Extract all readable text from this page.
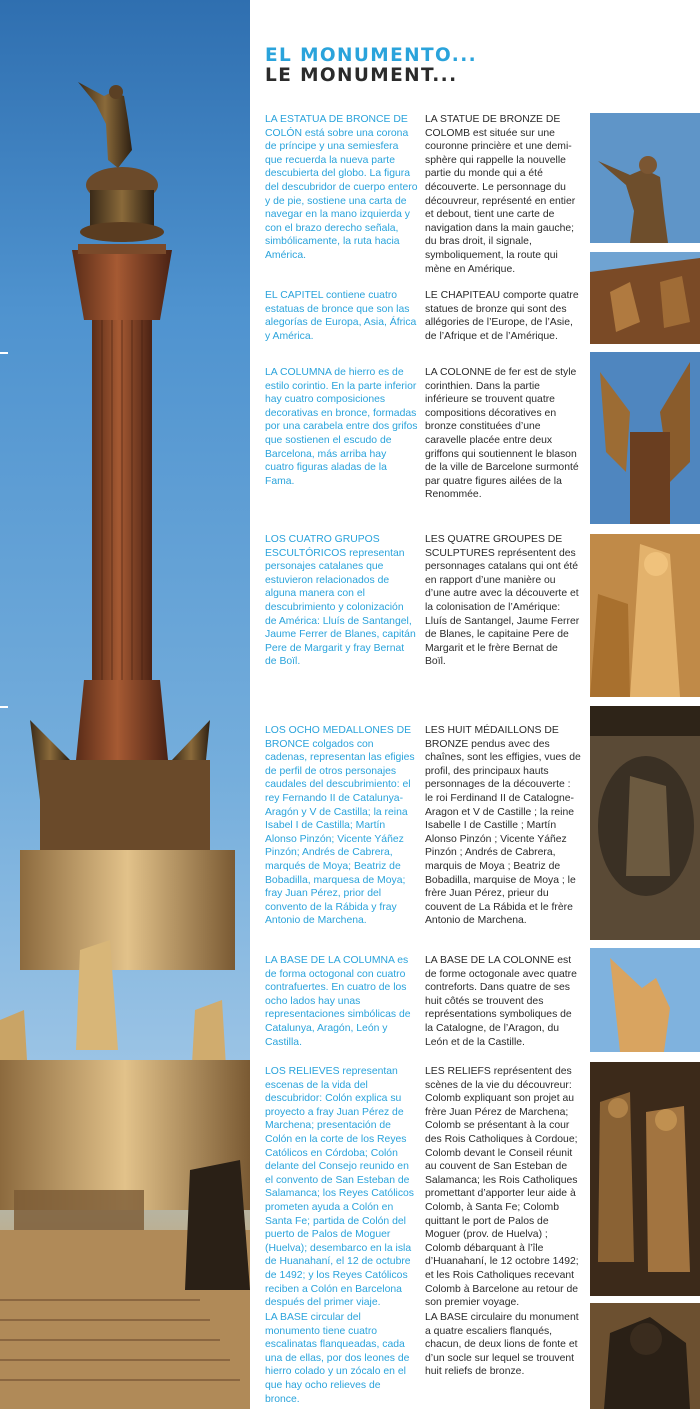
EL MONUMENTO...
LE MONUMENT...
LA ESTATUA DE BRONCE DE COLÓN está sobre una corona de príncipe y una semiesfera que recuerda la nueva parte descubierta del globo. La figura del descubridor de cuerpo entero y de pie, sostiene una carta de navegar en la mano izquierda y con el brazo derecho señala, simbólicamente, la ruta hacia América.
LA STATUE DE BRONZE DE COLOMB est située sur une couronne princière et une demi-sphère qui rappelle la nouvelle partie du monde qui a été découverte. Le personnage du découvreur, représenté en entier et debout, tient une carte de navigation dans la main gauche; du bras droit, il signale, symboliquement, la route qui mène en Amérique.
EL CAPITEL contiene cuatro estatuas de bronce que son las alegorías de Europa, Asia, África y América.
LE CHAPITEAU comporte quatre statues de bronze qui sont des allégories de l’Europe, de l’Asie, de l’Afrique et de l’Amérique.
LA COLUMNA de hierro es de estilo corintio. En la parte inferior hay cuatro composiciones decorativas en bronce, formadas por una carabela entre dos grifos que sostienen el escudo de Barcelona, más arriba hay cuatro figuras aladas de la Fama.
LA COLONNE de fer est de style corinthien. Dans la partie inférieure se trouvent quatre compositions décoratives en bronze constituées d’une caravelle placée entre deux griffons qui soutiennent le blason de la ville de Barcelone surmonté par quatre figures ailées de la Renommée.
LOS CUATRO GRUPOS ESCULTÓRICOS representan personajes catalanes que estuvieron relacionados de alguna manera con el descubrimiento y colonización de América: Lluís de Santangel, Jaume Ferrer de Blanes, capitán Pere de Margarit y fray Bernat de Boïl.
LES QUATRE GROUPES DE SCULPTURES représentent des personnages catalans qui ont été en rapport d’une manière ou d’une autre avec la découverte et la colonisation de l’Amérique: Lluís de Santangel, Jaume Ferrer de Blanes, le capitaine Pere de Margarit et le frère Bernat de Boïl.
LOS OCHO MEDALLONES DE BRONCE colgados con cadenas, representan las efigies de perfil de otros personajes caudales del descubrimiento: el rey Fernando II de Catalunya-Aragón y V de Castilla; la reina Isabel I de Castilla; Martín Alonso Pinzón; Vicente Yáñez Pinzón; Andrés de Cabrera, marqués de Moya; Beatriz de Bobadilla, marquesa de Moya; fray Juan Pérez, prior del convento de la Rábida y fray Antonio de Marchena.
LES HUIT MÉDAILLONS DE BRONZE pendus avec des chaînes, sont les effigies, vues de profil, des principaux hauts personnages de la découverte : le roi Ferdinand II de Catalogne-Aragon et V de Castille ; la reine Isabelle I de Castille ; Martín Alonso Pinzón ; Vicente Yáñez Pinzón ; Andrés de Cabrera, marquis de Moya ; Beatriz de Bobadilla, marquise de Moya ; le frère Juan Pérez, prieur du couvent de La Rábida et le frère Antonio de Marchena.
LA BASE DE LA COLUMNA es de forma octogonal con cuatro contrafuertes. En cuatro de los ocho lados hay unas representaciones simbólicas de Catalunya, Aragón, León y Castilla.
LA BASE DE LA COLONNE est de forme octogonale avec quatre contreforts. Dans quatre de ses huit côtés se trouvent des représentations symboliques de la Catalogne, de l’Aragon, du León et de la Castille.
LOS RELIEVES representan escenas de la vida del descubridor: Colón explica su proyecto a fray Juan Pérez de Marchena; presentación de Colón en la corte de los Reyes Católicos en Córdoba; Colón delante del Consejo reunido en el convento de San Esteban de Salamanca; los Reyes Católicos prometen ayuda a Colón en Santa Fe; partida de Colón del puerto de Palos de Moguer (Huelva); desembarco en la isla de Huanahaní, el 12 de octubre de 1492; y los Reyes Católicos reciben a Colón en Barcelona después del primer viaje.
LES RELIEFS représentent des scènes de la vie du découvreur: Colomb expliquant son projet au frère Juan Pérez de Marchena; Colomb se présentant à la cour des Rois Catholiques à Cordoue; Colomb devant le Conseil réunit au couvent de San Esteban de Salamanca; les Rois Catholiques promettant d’apporter leur aide à Colomb, à Santa Fe; Colomb quittant le port de Palos de Moguer (prov. de Huelva) ; Colomb débarquant à l’île d’Huanahaní, le 12 octobre 1492; et les Rois Catholiques recevant Colomb à Barcelone au retour de son premier voyage.
LA BASE circular del monumento tiene cuatro escalinatas flanqueadas, cada una de ellas, por dos leones de hierro colado y un zócalo en el que hay ocho relieves de bronce.
LA BASE circulaire du monument a quatre escaliers flanqués, chacun, de deux lions de fonte et d’un socle sur lequel se trouvent huit reliefs de bronze.
